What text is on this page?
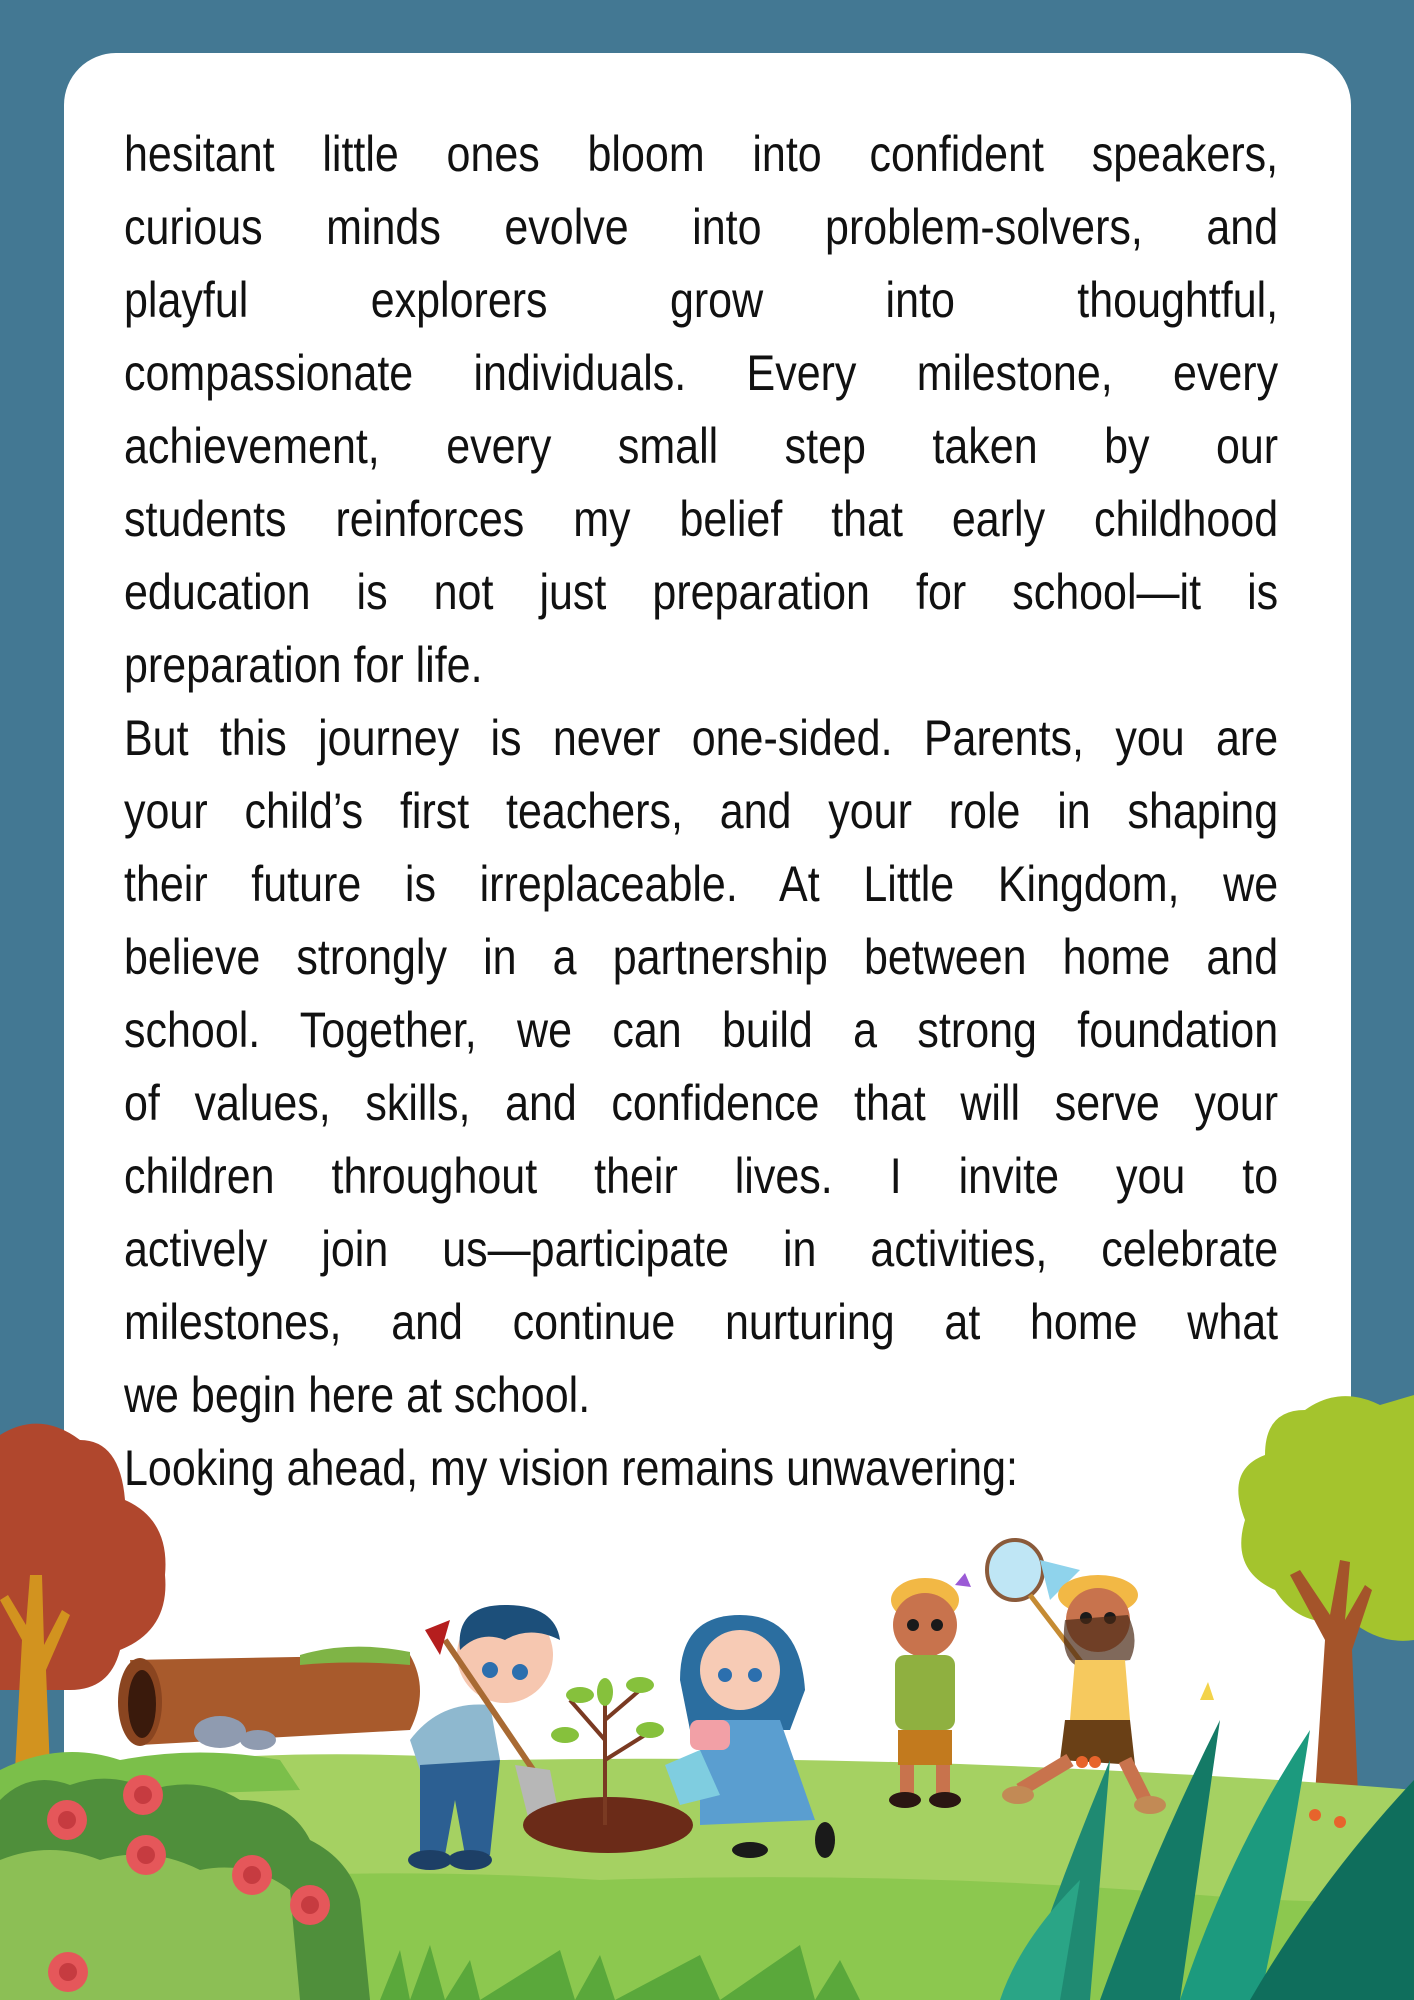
hesitant little ones bloom into confident speakers,
curious minds evolve into problem-solvers, and
playful explorers grow into thoughtful,
compassionate individuals. Every milestone, every
achievement, every small step taken by our
students reinforces my belief that early childhood
education is not just preparation for school—it is
preparation for life.
But this journey is never one-sided. Parents, you are
your child’s first teachers, and your role in shaping
their future is irreplaceable. At Little Kingdom, we
believe strongly in a partnership between home and
school. Together, we can build a strong foundation
of values, skills, and confidence that will serve your
children throughout their lives. I invite you to
actively join us—participate in activities, celebrate
milestones, and continue nurturing at home what
we begin here at school.
Looking ahead, my vision remains unwavering:
